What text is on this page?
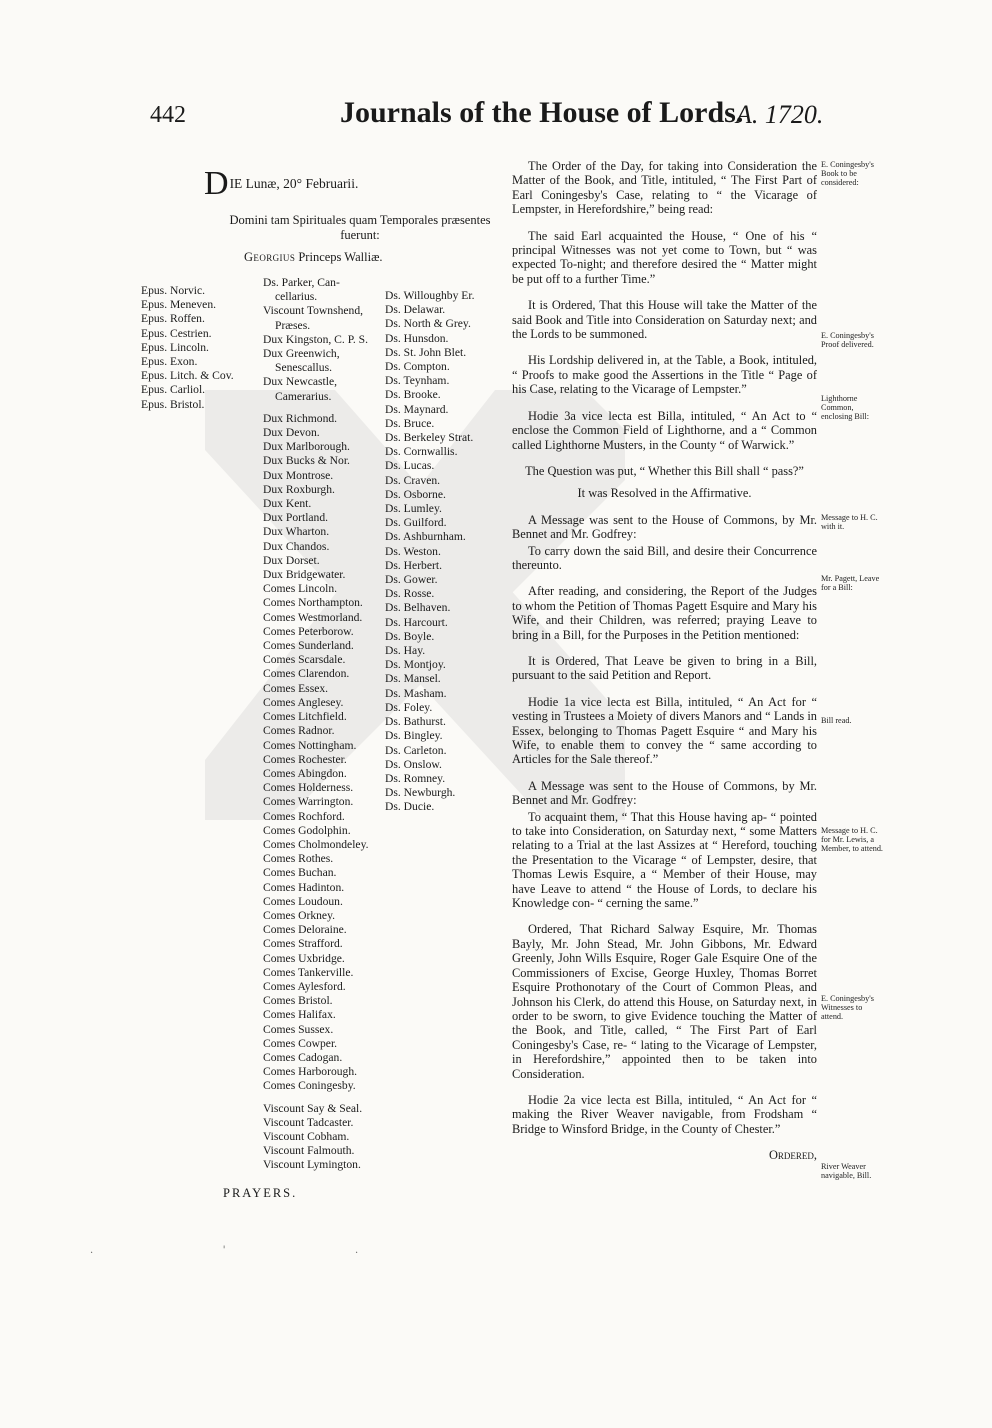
442	Journals of the House of Lords.
A. 1720.
DIE Lunæ, 20° Februarii.
Domini tam Spirituales quam Temporales præsentes fuerunt:
Georgius Princeps Walliæ.
Epus. Norvic.
Epus. Meneven.
Epus. Roffen.
Epus. Cestrien.
Epus. Lincoln.
Epus. Exon.
Epus. Litch. & Cov.
Epus. Carliol.
Epus. Bristol.
Ds. Parker, Can-
cellarius.
Viscount Townshend,
Præses.
Dux Kingston, C. P. S.
Dux Greenwich,
Senescallus.
Dux Newcastle,
Camerarius.
Dux Richmond.
Dux Devon.
Dux Marlborough.
Dux Bucks & Nor.
Dux Montrose.
Dux Roxburgh.
Dux Kent.
Dux Portland.
Dux Wharton.
Dux Chandos.
Dux Dorset.
Dux Bridgewater.
Comes Lincoln.
Comes Northampton.
Comes Westmorland.
Comes Peterborow.
Comes Sunderland.
Comes Scarsdale.
Comes Clarendon.
Comes Essex.
Comes Anglesey.
Comes Litchfield.
Comes Radnor.
Comes Nottingham.
Comes Rochester.
Comes Abingdon.
Comes Holderness.
Comes Warrington.
Comes Rochford.
Comes Godolphin.
Comes Cholmondeley.
Comes Rothes.
Comes Buchan.
Comes Hadinton.
Comes Loudoun.
Comes Orkney.
Comes Deloraine.
Comes Strafford.
Comes Uxbridge.
Comes Tankerville.
Comes Aylesford.
Comes Bristol.
Comes Halifax.
Comes Sussex.
Comes Cowper.
Comes Cadogan.
Comes Harborough.
Comes Coningesby.
Viscount Say & Seal.
Viscount Tadcaster.
Viscount Cobham.
Viscount Falmouth.
Viscount Lymington.
Ds. Willoughby Er.
Ds. Delawar.
Ds. North & Grey.
Ds. Hunsdon.
Ds. St. John Blet.
Ds. Compton.
Ds. Teynham.
Ds. Brooke.
Ds. Maynard.
Ds. Bruce.
Ds. Berkeley Strat.
Ds. Cornwallis.
Ds. Lucas.
Ds. Craven.
Ds. Osborne.
Ds. Lumley.
Ds. Guilford.
Ds. Ashburnham.
Ds. Weston.
Ds. Herbert.
Ds. Gower.
Ds. Rosse.
Ds. Belhaven.
Ds. Harcourt.
Ds. Boyle.
Ds. Hay.
Ds. Montjoy.
Ds. Mansel.
Ds. Masham.
Ds. Foley.
Ds. Bathurst.
Ds. Bingley.
Ds. Carleton.
Ds. Onslow.
Ds. Romney.
Ds. Newburgh.
Ds. Ducie.
PRAYERS.
.   '   .

The Order of the Day, for taking into Consideration the Matter of the Book, and Title, intituled, “ The First Part of Earl Coningesby's Case, relating to “ the Vicarage of Lempster, in Herefordshire,” being read:

The said Earl acquainted the House, “ One of his “ principal Witnesses was not yet come to Town, but “ was expected To-night; and therefore desired the “ Matter might be put off to a further Time.”

It is Ordered, That this House will take the Matter of the said Book and Title into Consideration on Saturday next; and the Lords to be summoned.

His Lordship delivered in, at the Table, a Book, intituled, “ Proofs to make good the Assertions in the Title “ Page of his Case, relating to the Vicarage of Lempster.”

Hodie 3a vice lecta est Billa, intituled, “ An Act to “ enclose the Common Field of Lighthorne, and a “ Common called Lighthorne Musters, in the County “ of Warwick.”

The Question was put, “ Whether this Bill shall “ pass?”

It was Resolved in the Affirmative.

A Message was sent to the House of Commons, by Mr. Bennet and Mr. Godfrey:

To carry down the said Bill, and desire their Concurrence thereunto.

After reading, and considering, the Report of the Judges to whom the Petition of Thomas Pagett Esquire and Mary his Wife, and their Children, was referred; praying Leave to bring in a Bill, for the Purposes in the Petition mentioned:

It is Ordered, That Leave be given to bring in a Bill, pursuant to the said Petition and Report.

Hodie 1a vice lecta est Billa, intituled, “ An Act for “ vesting in Trustees a Moiety of divers Manors and “ Lands in Essex, belonging to Thomas Pagett Esquire “ and Mary his Wife, to enable them to convey the “ same according to Articles for the Sale thereof.”

A Message was sent to the House of Commons, by Mr. Bennet and Mr. Godfrey:

To acquaint them, “ That this House having ap- “ pointed to take into Consideration, on Saturday next, “ some Matters relating to a Trial at the last Assizes at “ Hereford, touching the Presentation to the Vicarage “ of Lempster, desire, that Thomas Lewis Esquire, a “ Member of their House, may have Leave to attend “ the House of Lords, to declare his Knowledge con- “ cerning the same.”

Ordered, That Richard Salway Esquire, Mr. Thomas Bayly, Mr. John Stead, Mr. John Gibbons, Mr. Edward Greenly, John Wills Esquire, Roger Gale Esquire One of the Commissioners of Excise, George Huxley, Thomas Borret Esquire Prothonotary of the Court of Common Pleas, and Johnson his Clerk, do attend this House, on Saturday next, in order to be sworn, to give Evidence touching the Matter of the Book, and Title, called, “ The First Part of Earl Coningesby's Case, re- “ lating to the Vicarage of Lempster, in Herefordshire,” appointed then to be taken into Consideration.

Hodie 2a vice lecta est Billa, intituled, “ An Act for “ making the River Weaver navigable, from Frodsham “ Bridge to Winsford Bridge, in the County of Chester.”

Ordered,

E. Coningesby's Book to be considered:
E. Coningesby's Proof delivered.
Lighthorne Common, enclosing Bill:
Message to H. C. with it.
Mr. Pagett, Leave for a Bill:
Bill read.
Message to H. C. for Mr. Lewis, a Member, to attend.
E. Coningesby's Witnesses to attend.
River Weaver navigable, Bill.
